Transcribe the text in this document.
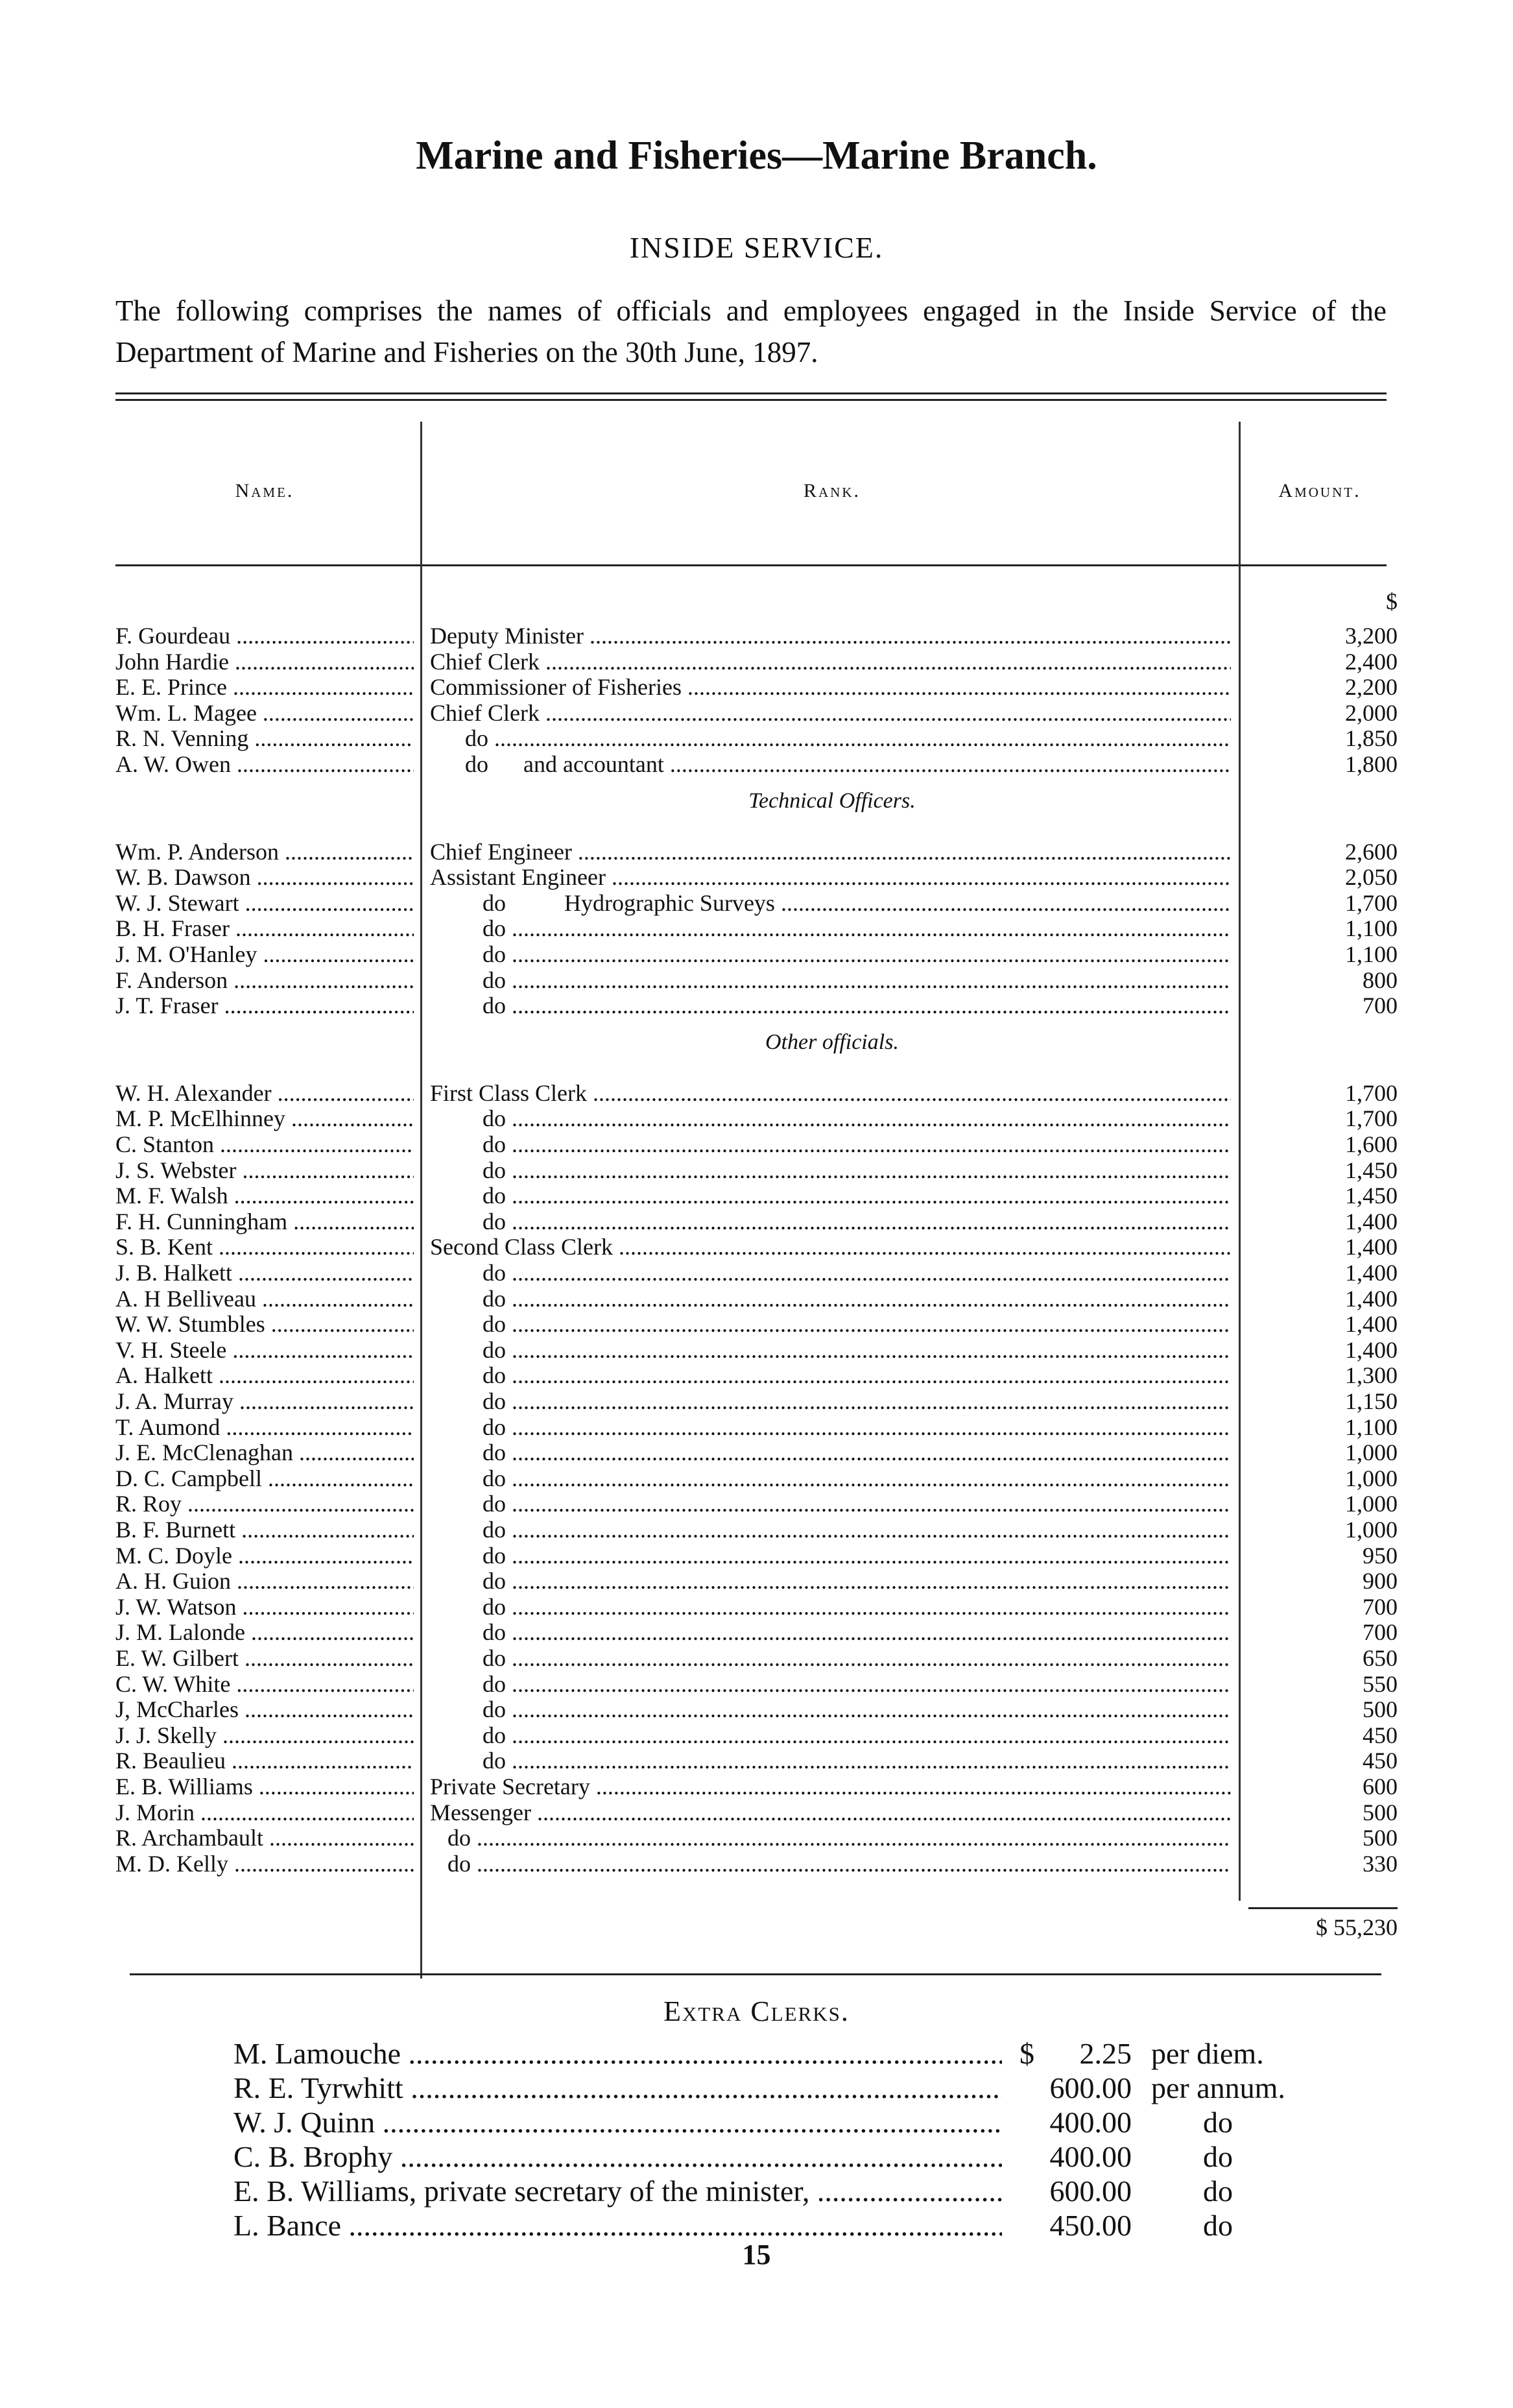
Marine and Fisheries—Marine Branch.
INSIDE SERVICE.
The following comprises the names of officials and employees engaged in the Inside Service of the Department of Marine and Fisheries on the 30th June, 1897.
Name.	Rank.	Amount.
$
F. Gourdeau .....	Deputy Minister .....	3,200
John Hardie .....	Chief Clerk .....	2,400
E. E. Prince .....	Commissioner of Fisheries .....	2,200
Wm. L. Magee .....	Chief Clerk .....	2,000
R. N. Venning .....	do .....	1,850
A. W. Owen .....	do      and accountant .....	1,800
Technical Officers.
Wm. P. Anderson .....	Chief Engineer .....	2,600
W. B. Dawson .....	Assistant Engineer .....	2,050
W. J. Stewart .....	do          Hydrographic Surveys .....	1,700
B. H. Fraser .....	do .....	1,100
J. M. O'Hanley .....	do .....	1,100
F. Anderson .....	do .....	800
J. T. Fraser .....	do .....	700
Other officials.
W. H. Alexander .....	First Class Clerk .....	1,700
M. P. McElhinney .....	do .....	1,700
C. Stanton .....	do .....	1,600
J. S. Webster .....	do .....	1,450
M. F. Walsh .....	do .....	1,450
F. H. Cunningham .....	do .....	1,400
S. B. Kent .....	Second Class Clerk .....	1,400
J. B. Halkett .....	do .....	1,400
A. H Belliveau .....	do .....	1,400
W. W. Stumbles .....	do .....	1,400
V. H. Steele .....	do .....	1,400
A. Halkett .....	do .....	1,300
J. A. Murray .....	do .....	1,150
T. Aumond .....	do .....	1,100
J. E. McClenaghan .....	do .....	1,000
D. C. Campbell .....	do .....	1,000
R. Roy .....	do .....	1,000
B. F. Burnett .....	do .....	1,000
M. C. Doyle .....	do .....	950
A. H. Guion .....	do .....	900
J. W. Watson .....	do .....	700
J. M. Lalonde .....	do .....	700
E. W. Gilbert .....	do .....	650
C. W. White .....	do .....	550
J, McCharles .....	do .....	500
J. J. Skelly .....	do .....	450
R. Beaulieu .....	do .....	450
E. B. Williams .....	Private Secretary .....	600
J. Morin .....	Messenger .....	500
R. Archambault .....	do .....	500
M. D. Kelly .....	do .....	330
$ 55,230
Extra Clerks.
M. Lamouche .....	$	2.25 per diem.
R. E. Tyrwhitt .....	600.00 per annum.
W. J. Quinn .....	400.00 do
C. B. Brophy .....	400.00 do
E. B. Williams, private secretary of the minister, .....	600.00 do
L. Bance .....	450.00 do
15
